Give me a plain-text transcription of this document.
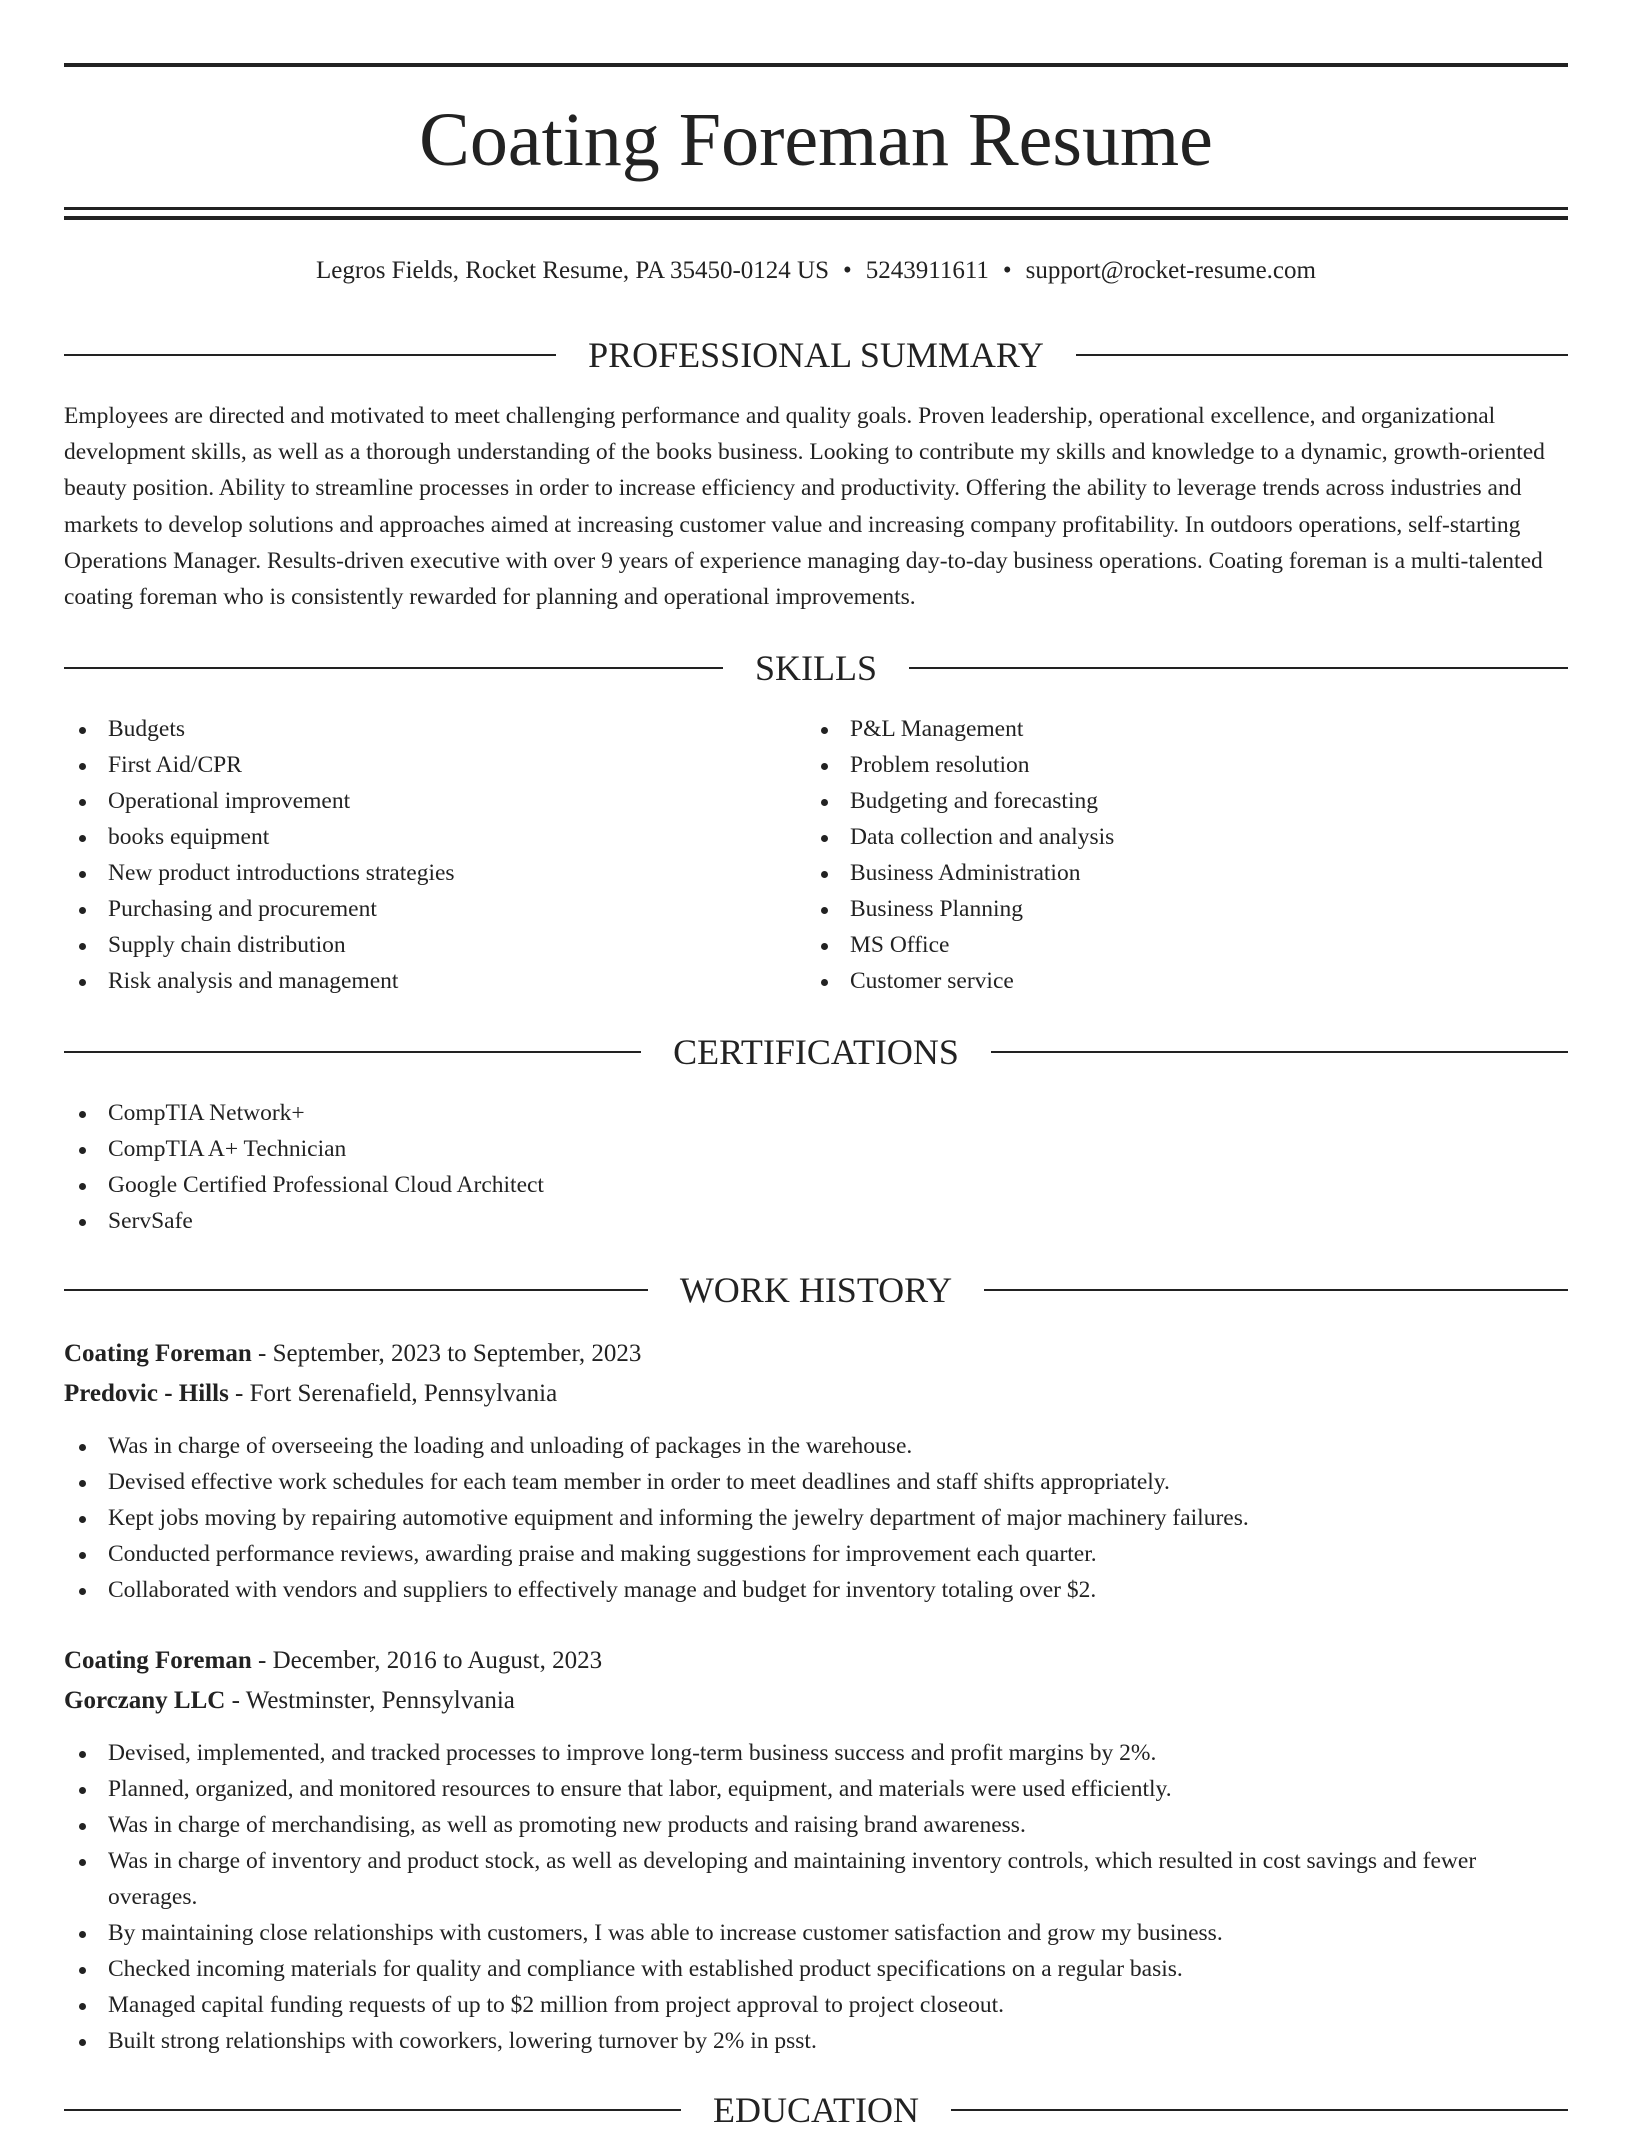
Coating Foreman Resume
Legros Fields, Rocket Resume, PA 35450-0124 US • 5243911611 • support@rocket-resume.com
PROFESSIONAL SUMMARY

Employees are directed and motivated to meet challenging performance and quality goals. Proven leadership, operational excellence, and organizational development skills, as well as a thorough understanding of the books business. Looking to contribute my skills and knowledge to a dynamic, growth-oriented beauty position. Ability to streamline processes in order to increase efficiency and productivity. Offering the ability to leverage trends across industries and markets to develop solutions and approaches aimed at increasing customer value and increasing company profitability. In outdoors operations, self-starting Operations Manager. Results-driven executive with over 9 years of experience managing day-to-day business operations. Coating foreman is a multi-talented coating foreman who is consistently rewarded for planning and operational improvements.

SKILLS
Budgets
First Aid/CPR
Operational improvement
books equipment
New product introductions strategies
Purchasing and procurement
Supply chain distribution
Risk analysis and management
P&L Management
Problem resolution
Budgeting and forecasting
Data collection and analysis
Business Administration
Business Planning
MS Office
Customer service
CERTIFICATIONS
CompTIA Network+
CompTIA A+ Technician
Google Certified Professional Cloud Architect
ServSafe
WORK HISTORY
Coating Foreman - September, 2023 to September, 2023
Predovic - Hills - Fort Serenafield, Pennsylvania
Was in charge of overseeing the loading and unloading of packages in the warehouse.
Devised effective work schedules for each team member in order to meet deadlines and staff shifts appropriately.
Kept jobs moving by repairing automotive equipment and informing the jewelry department of major machinery failures.
Conducted performance reviews, awarding praise and making suggestions for improvement each quarter.
Collaborated with vendors and suppliers to effectively manage and budget for inventory totaling over $2.
Coating Foreman - December, 2016 to August, 2023
Gorczany LLC - Westminster, Pennsylvania
Devised, implemented, and tracked processes to improve long-term business success and profit margins by 2%.
Planned, organized, and monitored resources to ensure that labor, equipment, and materials were used efficiently.
Was in charge of merchandising, as well as promoting new products and raising brand awareness.
Was in charge of inventory and product stock, as well as developing and maintaining inventory controls, which resulted in cost savings and fewer overages.
By maintaining close relationships with customers, I was able to increase customer satisfaction and grow my business.
Checked incoming materials for quality and compliance with established product specifications on a regular basis.
Managed capital funding requests of up to $2 million from project approval to project closeout.
Built strong relationships with coworkers, lowering turnover by 2% in psst.
EDUCATION
